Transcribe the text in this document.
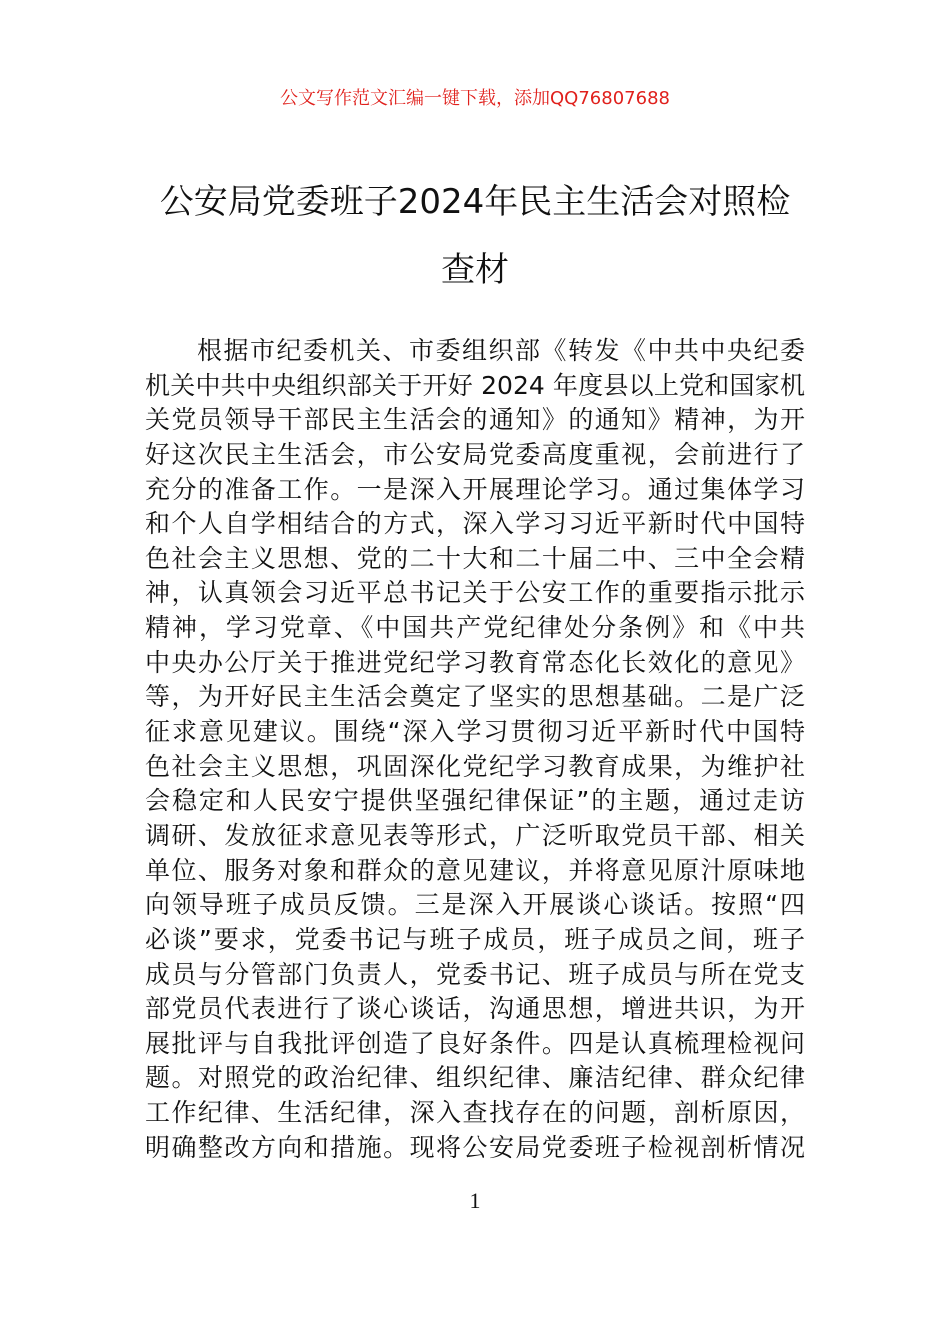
公文写作范文汇编一键下载，添加QQ76807688
公安局党委班子2024年民主生活会对照检
查材
根据市纪委机关、市委组织部《转发《中共中央纪委
机关中共中央组织部关于开好 2024 年度县以上党和国家机
关党员领导干部民主生活会的通知》的通知》精神，为开
好这次民主生活会，市公安局党委高度重视，会前进行了
充分的准备工作。一是深入开展理论学习。通过集体学习
和个人自学相结合的方式，深入学习习近平新时代中国特
色社会主义思想、党的二十大和二十届二中、三中全会精
神，认真领会习近平总书记关于公安工作的重要指示批示
精神，学习党章、《中国共产党纪律处分条例》和《中共
中央办公厅关于推进党纪学习教育常态化长效化的意见》
等，为开好民主生活会奠定了坚实的思想基础。二是广泛
征求意见建议。围绕“深入学习贯彻习近平新时代中国特
色社会主义思想，巩固深化党纪学习教育成果，为维护社
会稳定和人民安宁提供坚强纪律保证”的主题，通过走访
调研、发放征求意见表等形式，广泛听取党员干部、相关
单位、服务对象和群众的意见建议，并将意见原汁原味地
向领导班子成员反馈。三是深入开展谈心谈话。按照“四
必谈”要求，党委书记与班子成员，班子成员之间，班子
成员与分管部门负责人，党委书记、班子成员与所在党支
部党员代表进行了谈心谈话，沟通思想，增进共识，为开
展批评与自我批评创造了良好条件。四是认真梳理检视问
题。对照党的政治纪律、组织纪律、廉洁纪律、群众纪律
工作纪律、生活纪律，深入查找存在的问题，剖析原因，
明确整改方向和措施。现将公安局党委班子检视剖析情况
1
